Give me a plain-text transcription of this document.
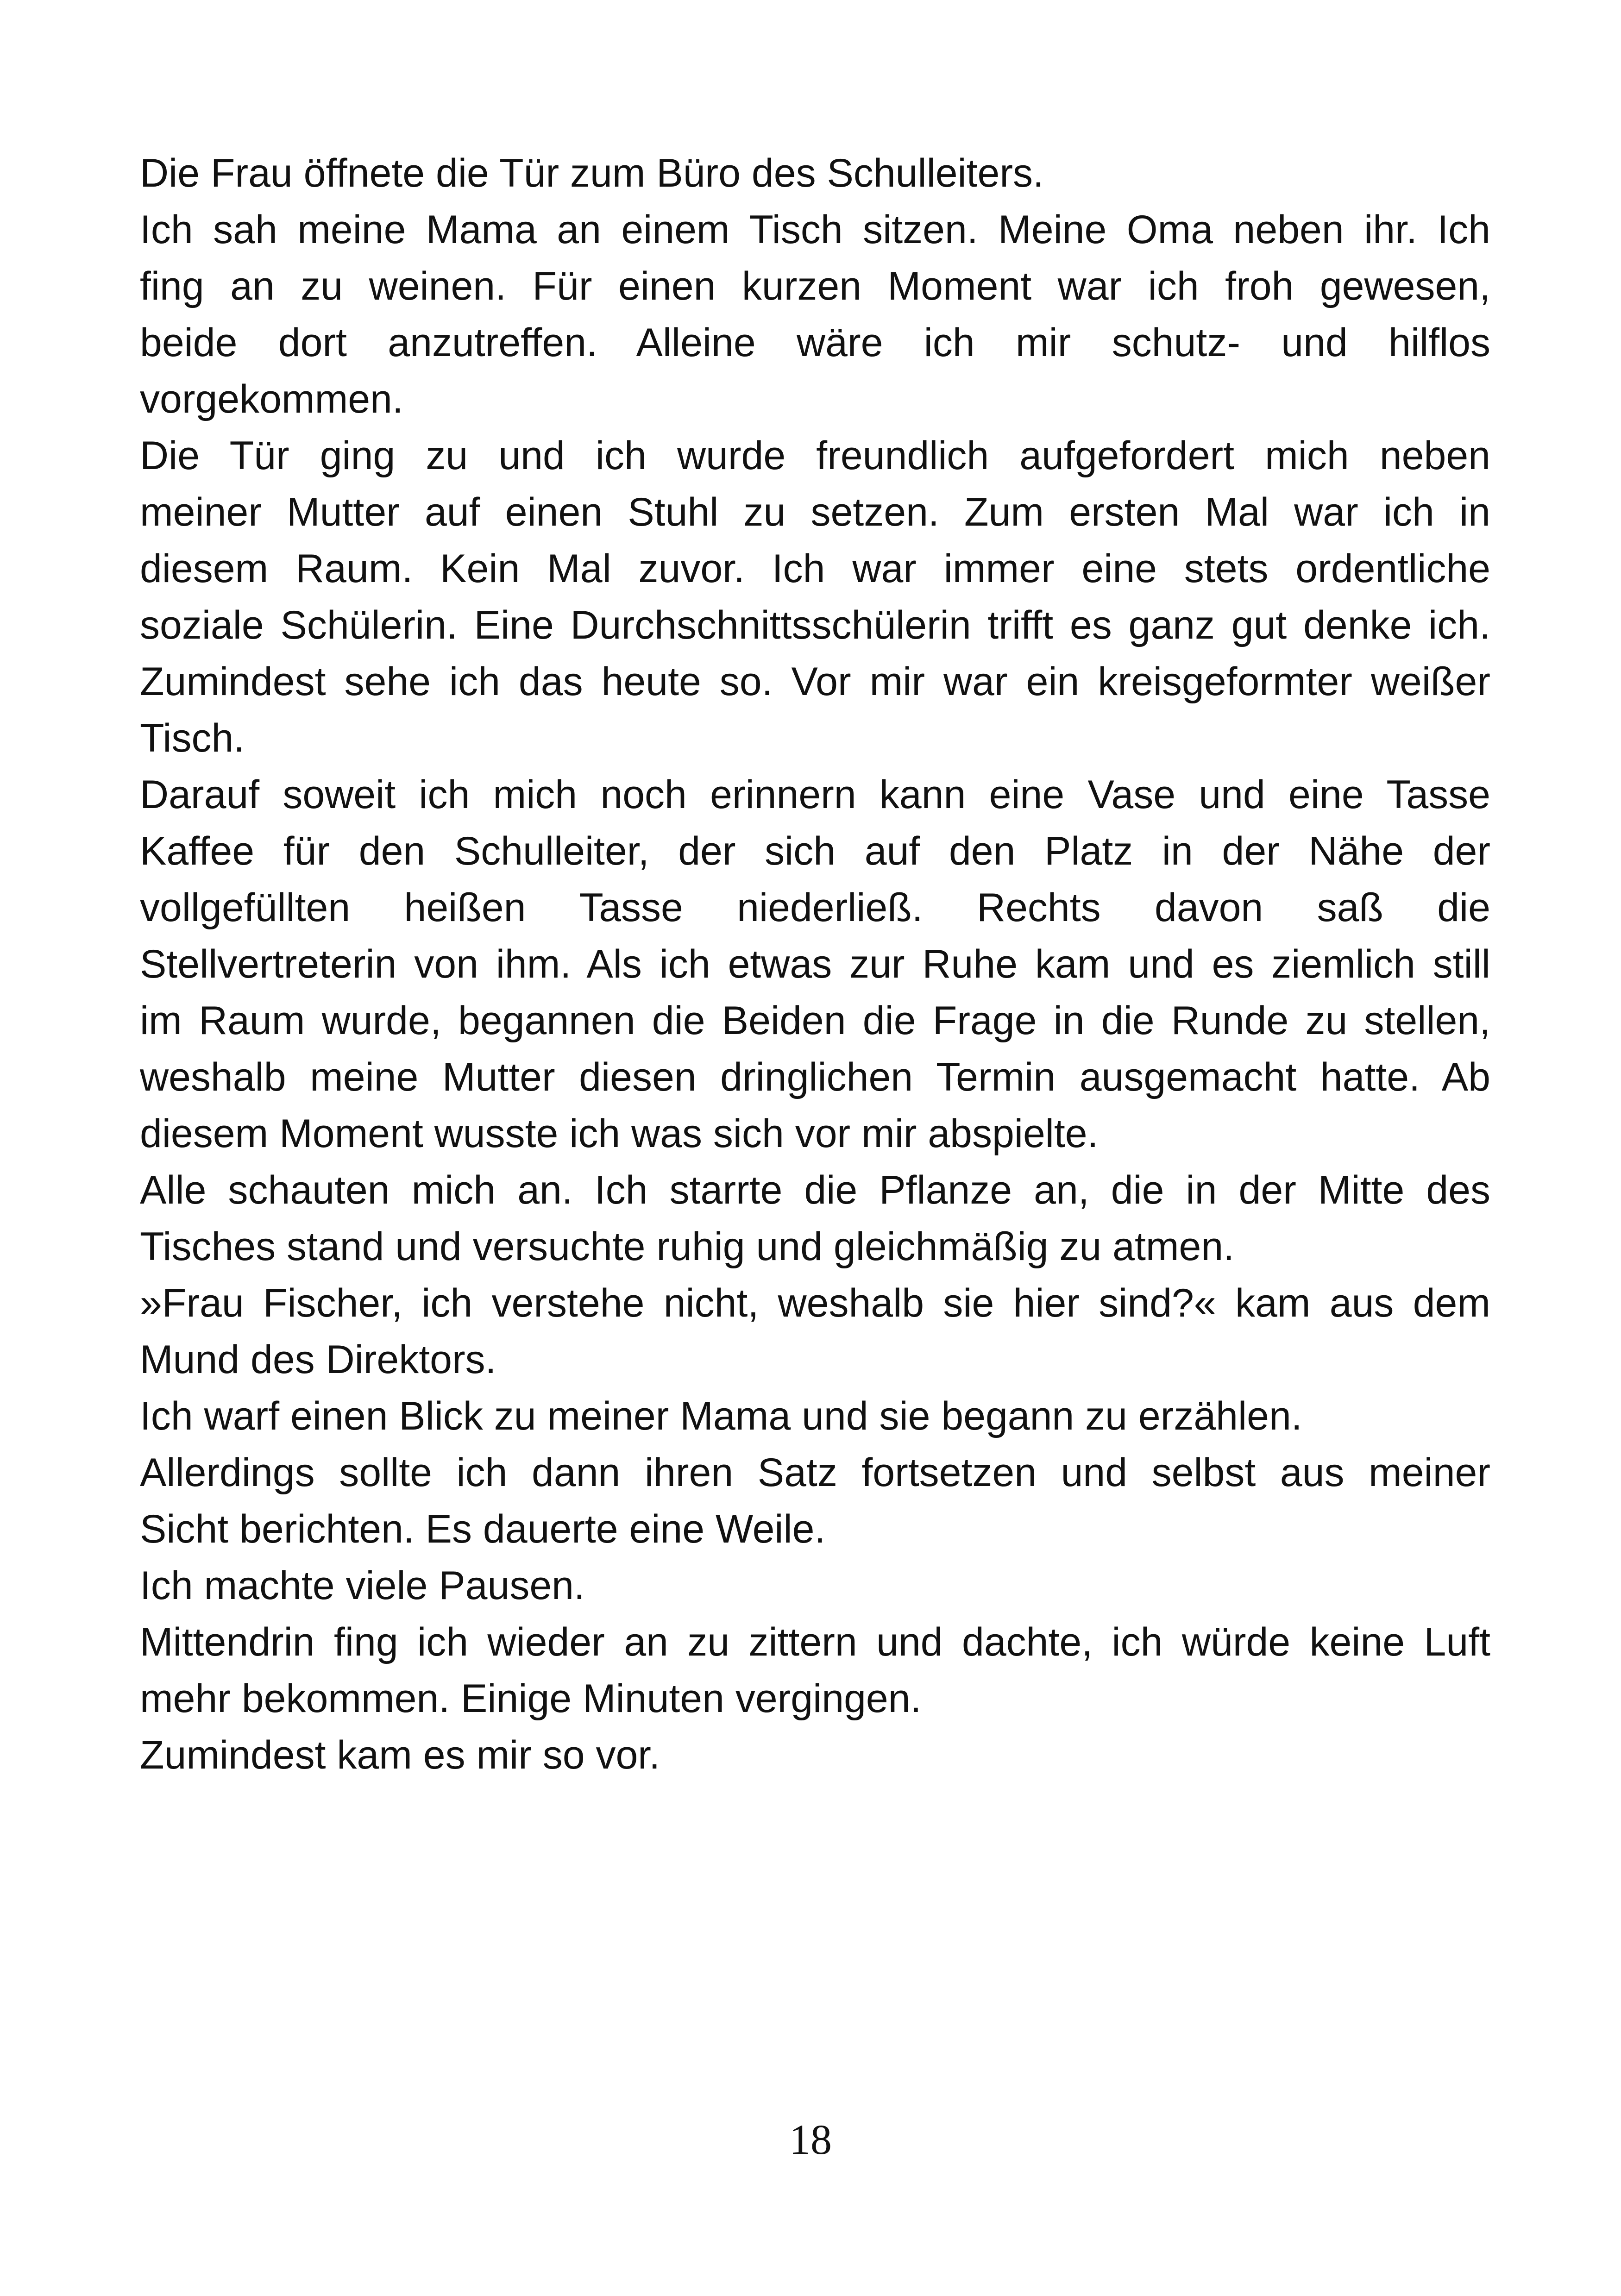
Die Frau öffnete die Tür zum Büro des Schulleiters.
Ich sah meine Mama an einem Tisch sitzen. Meine Oma neben ihr. Ich
fing an zu weinen. Für einen kurzen Moment war ich froh gewesen,
beide dort anzutreffen. Alleine wäre ich mir schutz- und hilflos
vorgekommen.
Die Tür ging zu und ich wurde freundlich aufgefordert mich neben
meiner Mutter auf einen Stuhl zu setzen. Zum ersten Mal war ich in
diesem Raum. Kein Mal zuvor. Ich war immer eine stets ordentliche
soziale Schülerin. Eine Durchschnittsschülerin trifft es ganz gut denke ich.
Zumindest sehe ich das heute so. Vor mir war ein kreisgeformter weißer
Tisch.
Darauf soweit ich mich noch erinnern kann eine Vase und eine Tasse
Kaffee für den Schulleiter, der sich auf den Platz in der Nähe der
vollgefüllten heißen Tasse niederließ. Rechts davon saß die
Stellvertreterin von ihm. Als ich etwas zur Ruhe kam und es ziemlich still
im Raum wurde, begannen die Beiden die Frage in die Runde zu stellen,
weshalb meine Mutter diesen dringlichen Termin ausgemacht hatte. Ab
diesem Moment wusste ich was sich vor mir abspielte.
Alle schauten mich an. Ich starrte die Pflanze an, die in der Mitte des
Tisches stand und versuchte ruhig und gleichmäßig zu atmen.
»Frau Fischer, ich verstehe nicht, weshalb sie hier sind?« kam aus dem
Mund des Direktors.
Ich warf einen Blick zu meiner Mama und sie begann zu erzählen.
Allerdings sollte ich dann ihren Satz fortsetzen und selbst aus meiner
Sicht berichten. Es dauerte eine Weile.
Ich machte viele Pausen.
Mittendrin fing ich wieder an zu zittern und dachte, ich würde keine Luft
mehr bekommen. Einige Minuten vergingen.
Zumindest kam es mir so vor.
18
